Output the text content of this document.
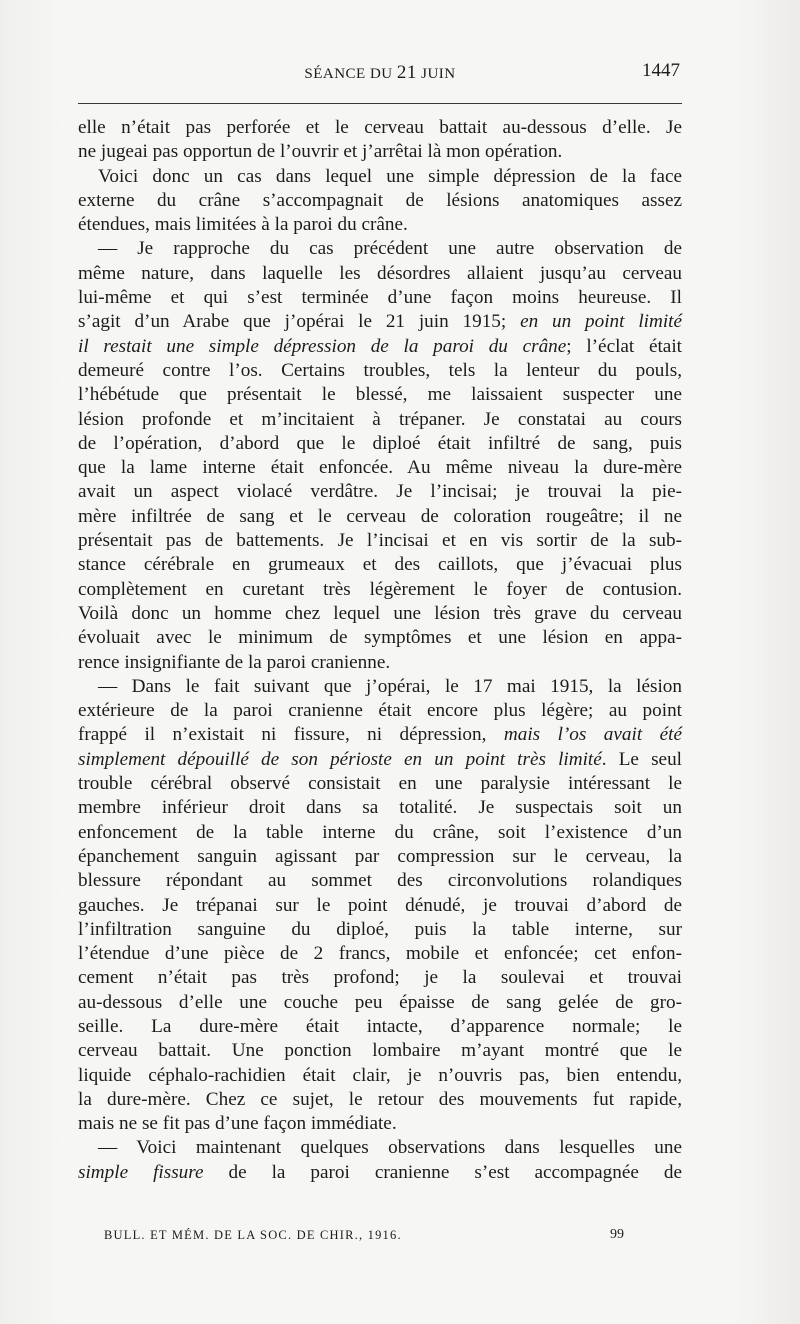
SÉANCE DU 21 JUIN	1447
elle n’était pas perforée et le cerveau battait au-dessous d’elle. Je
ne jugeai pas opportun de l’ouvrir et j’arrêtai là mon opération.
Voici donc un cas dans lequel une simple dépression de la face
externe du crâne s’accompagnait de lésions anatomiques assez
étendues, mais limitées à la paroi du crâne.
— Je rapproche du cas précédent une autre observation de
même nature, dans laquelle les désordres allaient jusqu’au cerveau
lui-même et qui s’est terminée d’une façon moins heureuse. Il
s’agit d’un Arabe que j’opérai le 21 juin 1915; en un point limité
il restait une simple dépression de la paroi du crâne; l’éclat était
demeuré contre l’os. Certains troubles, tels la lenteur du pouls,
l’hébétude que présentait le blessé, me laissaient suspecter une
lésion profonde et m’incitaient à trépaner. Je constatai au cours
de l’opération, d’abord que le diploé était infiltré de sang, puis
que la lame interne était enfoncée. Au même niveau la dure-mère
avait un aspect violacé verdâtre. Je l’incisai; je trouvai la pie-
mère infiltrée de sang et le cerveau de coloration rougeâtre; il ne
présentait pas de battements. Je l’incisai et en vis sortir de la sub-
stance cérébrale en grumeaux et des caillots, que j’évacuai plus
complètement en curetant très légèrement le foyer de contusion.
Voilà donc un homme chez lequel une lésion très grave du cerveau
évoluait avec le minimum de symptômes et une lésion en appa-
rence insignifiante de la paroi cranienne.
— Dans le fait suivant que j’opérai, le 17 mai 1915, la lésion
extérieure de la paroi cranienne était encore plus légère; au point
frappé il n’existait ni fissure, ni dépression, mais l’os avait été
simplement dépouillé de son périoste en un point très limité. Le seul
trouble cérébral observé consistait en une paralysie intéressant le
membre inférieur droit dans sa totalité. Je suspectais soit un
enfoncement de la table interne du crâne, soit l’existence d’un
épanchement sanguin agissant par compression sur le cerveau, la
blessure répondant au sommet des circonvolutions rolandiques
gauches. Je trépanai sur le point dénudé, je trouvai d’abord de
l’infiltration sanguine du diploé, puis la table interne, sur
l’étendue d’une pièce de 2 francs, mobile et enfoncée; cet enfon-
cement n’était pas très profond; je la soulevai et trouvai
au-dessous d’elle une couche peu épaisse de sang gelée de gro-
seille. La dure-mère était intacte, d’apparence normale; le
cerveau battait. Une ponction lombaire m’ayant montré que le
liquide céphalo-rachidien était clair, je n’ouvris pas, bien entendu,
la dure-mère. Chez ce sujet, le retour des mouvements fut rapide,
mais ne se fit pas d’une façon immédiate.
— Voici maintenant quelques observations dans lesquelles une
simple fissure de la paroi cranienne s’est accompagnée de
BULL. ET MÉM. DE LA SOC. DE CHIR., 1916.	99
